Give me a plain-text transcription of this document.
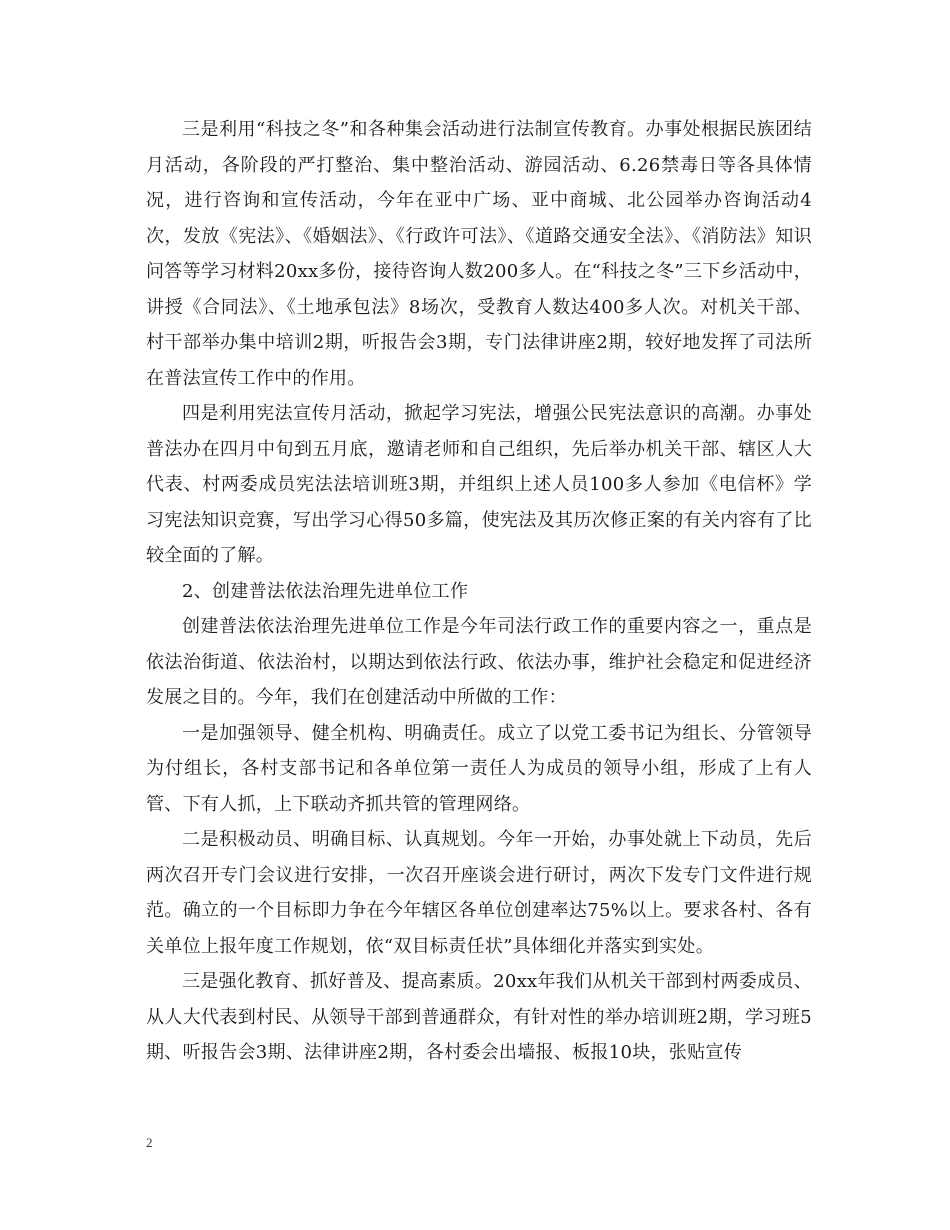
三是利用“科技之冬”和各种集会活动进行法制宣传教育。办事处根据民族团结月活动，各阶段的严打整治、集中整治活动、游园活动、6.26禁毒日等各具体情况，进行咨询和宣传活动，今年在亚中广场、亚中商城、北公园举办咨询活动4次，发放《宪法》、《婚姻法》、《行政许可法》、《道路交通安全法》、《消防法》知识问答等学习材料20xx多份，接待咨询人数200多人。在“科技之冬”三下乡活动中，讲授《合同法》、《土地承包法》8场次，受教育人数达400多人次。对机关干部、村干部举办集中培训2期，听报告会3期，专门法律讲座2期，较好地发挥了司法所在普法宣传工作中的作用。

四是利用宪法宣传月活动，掀起学习宪法，增强公民宪法意识的高潮。办事处普法办在四月中旬到五月底，邀请老师和自己组织，先后举办机关干部、辖区人大代表、村两委成员宪法法培训班3期，并组织上述人员100多人参加《电信杯》学习宪法知识竞赛，写出学习心得50多篇，使宪法及其历次修正案的有关内容有了比较全面的了解。

2、创建普法依法治理先进单位工作

创建普法依法治理先进单位工作是今年司法行政工作的重要内容之一，重点是依法治街道、依法治村，以期达到依法行政、依法办事，维护社会稳定和促进经济发展之目的。今年，我们在创建活动中所做的工作：

一是加强领导、健全机构、明确责任。成立了以党工委书记为组长、分管领导为付组长，各村支部书记和各单位第一责任人为成员的领导小组，形成了上有人管、下有人抓，上下联动齐抓共管的管理网络。

二是积极动员、明确目标、认真规划。今年一开始，办事处就上下动员，先后两次召开专门会议进行安排，一次召开座谈会进行研讨，两次下发专门文件进行规范。确立的一个目标即力争在今年辖区各单位创建率达75%以上。要求各村、各有关单位上报年度工作规划，依“双目标责任状”具体细化并落实到实处。

三是强化教育、抓好普及、提高素质。20xx年我们从机关干部到村两委成员、从人大代表到村民、从领导干部到普通群众，有针对性的举办培训班2期，学习班5期、听报告会3期、法律讲座2期，各村委会出墙报、板报10块，张贴宣传

2
